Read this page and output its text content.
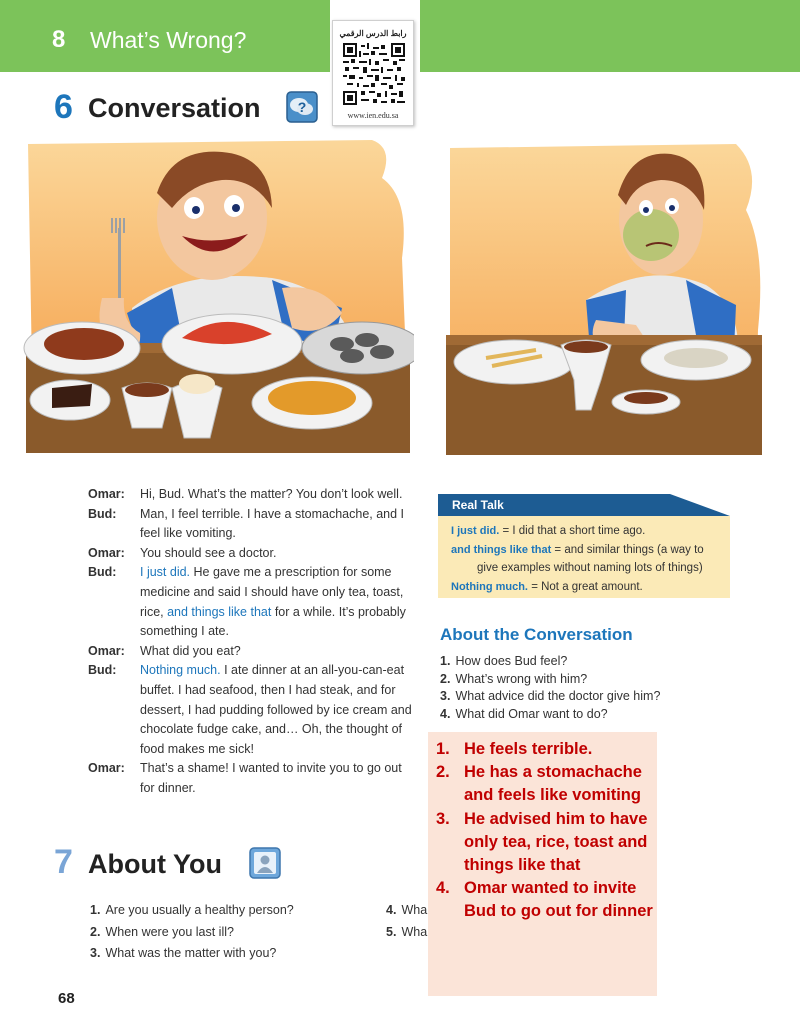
8 What’s Wrong?	رابط الدرس الرقمي
www.ien.edu.sa
6 Conversation	?
Omar:	Hi, Bud. What’s the matter? You don’t look well.
Bud:	Man, I feel terrible. I have a stomachache, and I feel like vomiting.
Omar:	You should see a doctor.
Bud:	I just did. He gave me a prescription for some medicine and said I should have only tea, toast, rice, and things like that for a while. It’s probably something I ate.
Omar:	What did you eat?
Bud:	Nothing much. I ate dinner at an all-you-can-eat buffet. I had seafood, then I had steak, and for dessert, I had pudding followed by ice cream and chocolate fudge cake, and… Oh, the thought of food makes me sick!
Omar:	That’s a shame! I wanted to invite you to go out for dinner.
Real Talk
I just did. = I did that a short time ago.
and things like that = and similar things (a way to
give examples without naming lots of things)
Nothing much. = Not a great amount.
About the Conversation
1. How does Bud feel?
2. What’s wrong with him?
3. What advice did the doctor give him?
4. What did Omar want to do?
7 About You
1. Are you usually a healthy person?
2. When were you last ill?
3. What was the matter with you?
4. Wha
5. Wha
1. He feels terrible.
2. He has a stomachache and feels like vomiting
3. He advised him to have only tea, rice, toast and things like that
4. Omar wanted to invite Bud to go out for dinner
68
